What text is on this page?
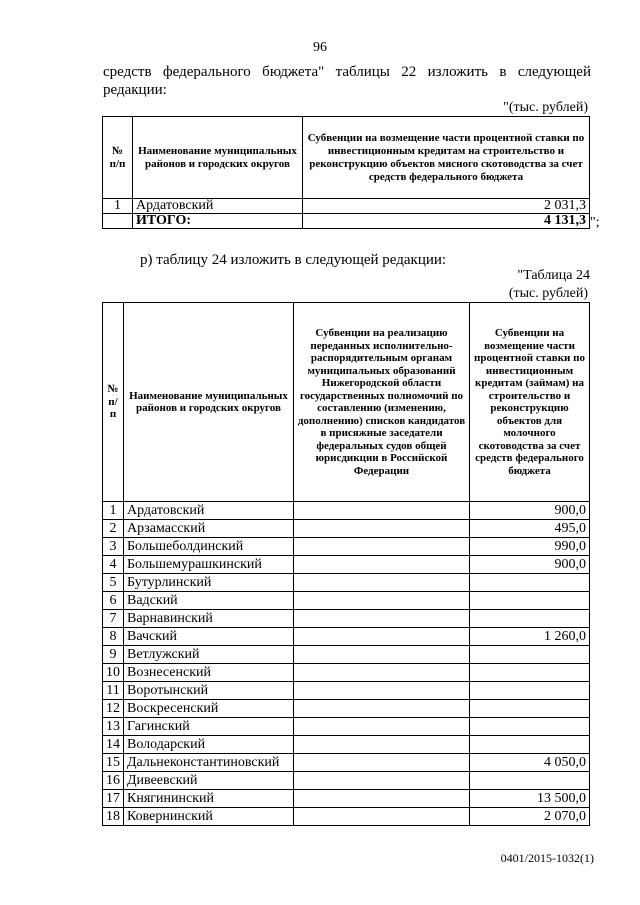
96
средств федерального бюджета" таблицы 22 изложить в следующей
редакции:
"(тыс. рублей)
№ п/п	Наименование муниципальных районов и городских округов	Субвенции на возмещение части процентной ставки по инвестиционным кредитам на строительство и реконструкцию объектов мясного скотоводства за счет средств федерального бюджета
1	Ардатовский	2 031,3
	ИТОГО:	4 131,3 ";
р) таблицу 24 изложить в следующей редакции:
"Таблица 24
(тыс. рублей)
№ п/п	Наименование муниципальных районов и городских округов	Субвенции на реализацию переданных исполнительно-распорядительным органам муниципальных образований Нижегородской области государственных полномочий по составлению (изменению, дополнению) списков кандидатов в присяжные заседатели федеральных судов общей юрисдикции в Российской Федерации	Субвенции на возмещение части процентной ставки по инвестиционным кредитам (займам) на строительство и реконструкцию объектов для молочного скотоводства за счет средств федерального бюджета
1	Ардатовский		900,0
2	Арзамасский		495,0
3	Большеболдинский		990,0
4	Большемурашкинский		900,0
5	Бутурлинский		
6	Вадский		
7	Варнавинский		
8	Вачский		1 260,0
9	Ветлужский		
10	Вознесенский		
11	Воротынский		
12	Воскресенский		
13	Гагинский		
14	Володарский		
15	Дальнеконстантиновский		4 050,0
16	Дивеевский		
17	Княгининский		13 500,0
18	Ковернинский		2 070,0
0401/2015-1032(1)
